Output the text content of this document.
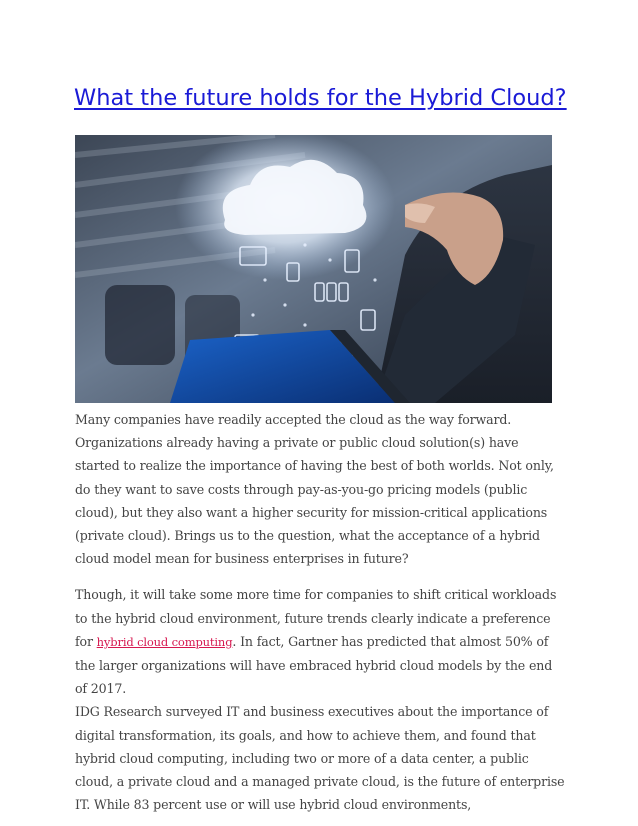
What the future holds for the Hybrid Cloud?

Many companies have readily accepted the cloud as the way forward. Organizations already having a private or public cloud solution(s) have started to realize the importance of having the best of both worlds. Not only, do they want to save costs through pay-as-you-go pricing models (public cloud), but they also want a higher security for mission-critical applications (private cloud). Brings us to the question, what the acceptance of a hybrid cloud model mean for business enterprises in future?

Though, it will take some more time for companies to shift critical workloads to the hybrid cloud environment, future trends clearly indicate a preference for hybrid cloud computing. In fact, Gartner has predicted that almost 50% of the larger organizations will have embraced hybrid cloud models by the end of 2017.

IDG Research surveyed IT and business executives about the importance of digital transformation, its goals, and how to achieve them, and found that hybrid cloud computing, including two or more of a data center, a public cloud, a private cloud and a managed private cloud, is the future of enterprise IT. While 83 percent use or will use hybrid cloud environments,
